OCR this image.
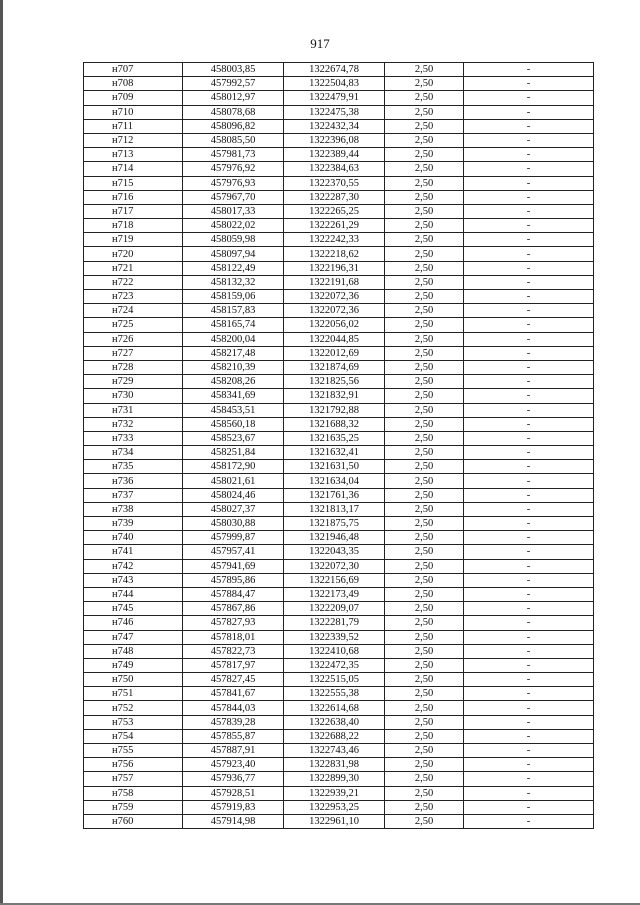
917
н707	458003,85	1322674,78	2,50	-
н708	457992,57	1322504,83	2,50	-
н709	458012,97	1322479,91	2,50	-
н710	458078,68	1322475,38	2,50	-
н711	458096,82	1322432,34	2,50	-
н712	458085,50	1322396,08	2,50	-
н713	457981,73	1322389,44	2,50	-
н714	457976,92	1322384,63	2,50	-
н715	457976,93	1322370,55	2,50	-
н716	457967,70	1322287,30	2,50	-
н717	458017,33	1322265,25	2,50	-
н718	458022,02	1322261,29	2,50	-
н719	458059,98	1322242,33	2,50	-
н720	458097,94	1322218,62	2,50	-
н721	458122,49	1322196,31	2,50	-
н722	458132,32	1322191,68	2,50	-
н723	458159,06	1322072,36	2,50	-
н724	458157,83	1322072,36	2,50	-
н725	458165,74	1322056,02	2,50	-
н726	458200,04	1322044,85	2,50	-
н727	458217,48	1322012,69	2,50	-
н728	458210,39	1321874,69	2,50	-
н729	458208,26	1321825,56	2,50	-
н730	458341,69	1321832,91	2,50	-
н731	458453,51	1321792,88	2,50	-
н732	458560,18	1321688,32	2,50	-
н733	458523,67	1321635,25	2,50	-
н734	458251,84	1321632,41	2,50	-
н735	458172,90	1321631,50	2,50	-
н736	458021,61	1321634,04	2,50	-
н737	458024,46	1321761,36	2,50	-
н738	458027,37	1321813,17	2,50	-
н739	458030,88	1321875,75	2,50	-
н740	457999,87	1321946,48	2,50	-
н741	457957,41	1322043,35	2,50	-
н742	457941,69	1322072,30	2,50	-
н743	457895,86	1322156,69	2,50	-
н744	457884,47	1322173,49	2,50	-
н745	457867,86	1322209,07	2,50	-
н746	457827,93	1322281,79	2,50	-
н747	457818,01	1322339,52	2,50	-
н748	457822,73	1322410,68	2,50	-
н749	457817,97	1322472,35	2,50	-
н750	457827,45	1322515,05	2,50	-
н751	457841,67	1322555,38	2,50	-
н752	457844,03	1322614,68	2,50	-
н753	457839,28	1322638,40	2,50	-
н754	457855,87	1322688,22	2,50	-
н755	457887,91	1322743,46	2,50	-
н756	457923,40	1322831,98	2,50	-
н757	457936,77	1322899,30	2,50	-
н758	457928,51	1322939,21	2,50	-
н759	457919,83	1322953,25	2,50	-
н760	457914,98	1322961,10	2,50	-
